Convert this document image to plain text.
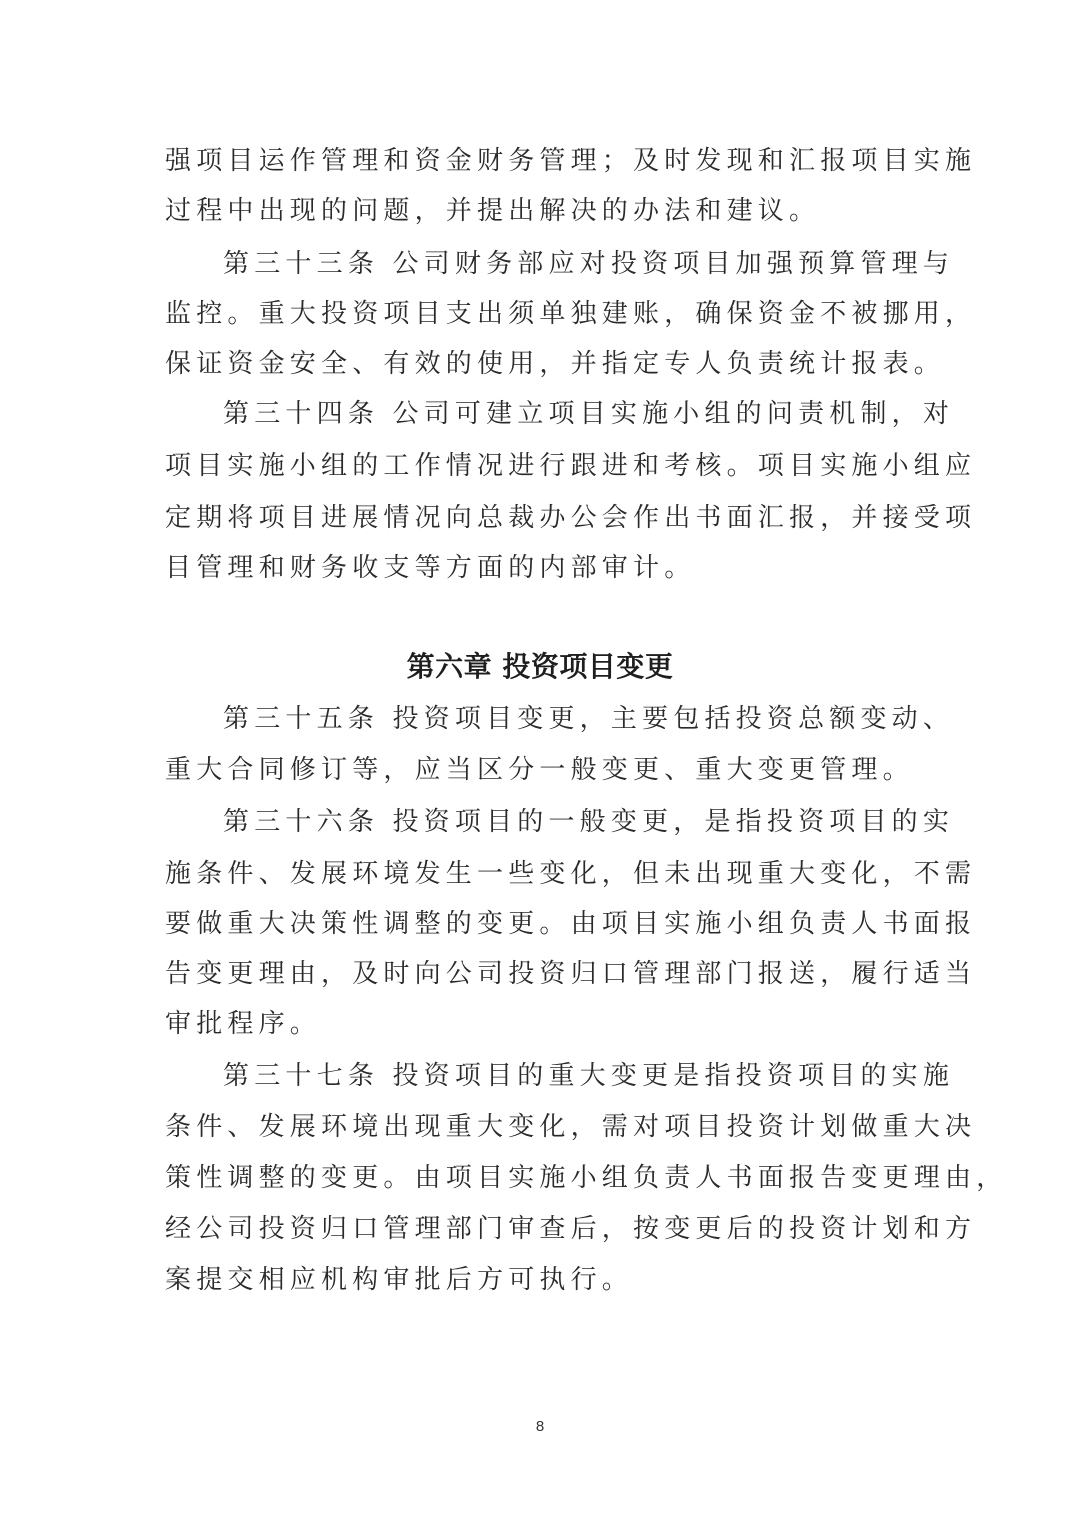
强项目运作管理和资金财务管理；及时发现和汇报项目实施
过程中出现的问题，并提出解决的办法和建议。
第三十三条 公司财务部应对投资项目加强预算管理与
监控。重大投资项目支出须单独建账，确保资金不被挪用，
保证资金安全、有效的使用，并指定专人负责统计报表。
第三十四条 公司可建立项目实施小组的问责机制，对
项目实施小组的工作情况进行跟进和考核。项目实施小组应
定期将项目进展情况向总裁办公会作出书面汇报，并接受项
目管理和财务收支等方面的内部审计。
第三十五条 投资项目变更，主要包括投资总额变动、
重大合同修订等，应当区分一般变更、重大变更管理。
第三十六条 投资项目的一般变更，是指投资项目的实
施条件、发展环境发生一些变化，但未出现重大变化，不需
要做重大决策性调整的变更。由项目实施小组负责人书面报
告变更理由，及时向公司投资归口管理部门报送，履行适当
审批程序。
第三十七条 投资项目的重大变更是指投资项目的实施
条件、发展环境出现重大变化，需对项目投资计划做重大决
策性调整的变更。由项目实施小组负责人书面报告变更理由，
经公司投资归口管理部门审查后，按变更后的投资计划和方
案提交相应机构审批后方可执行。
第六章 投资项目变更
8
